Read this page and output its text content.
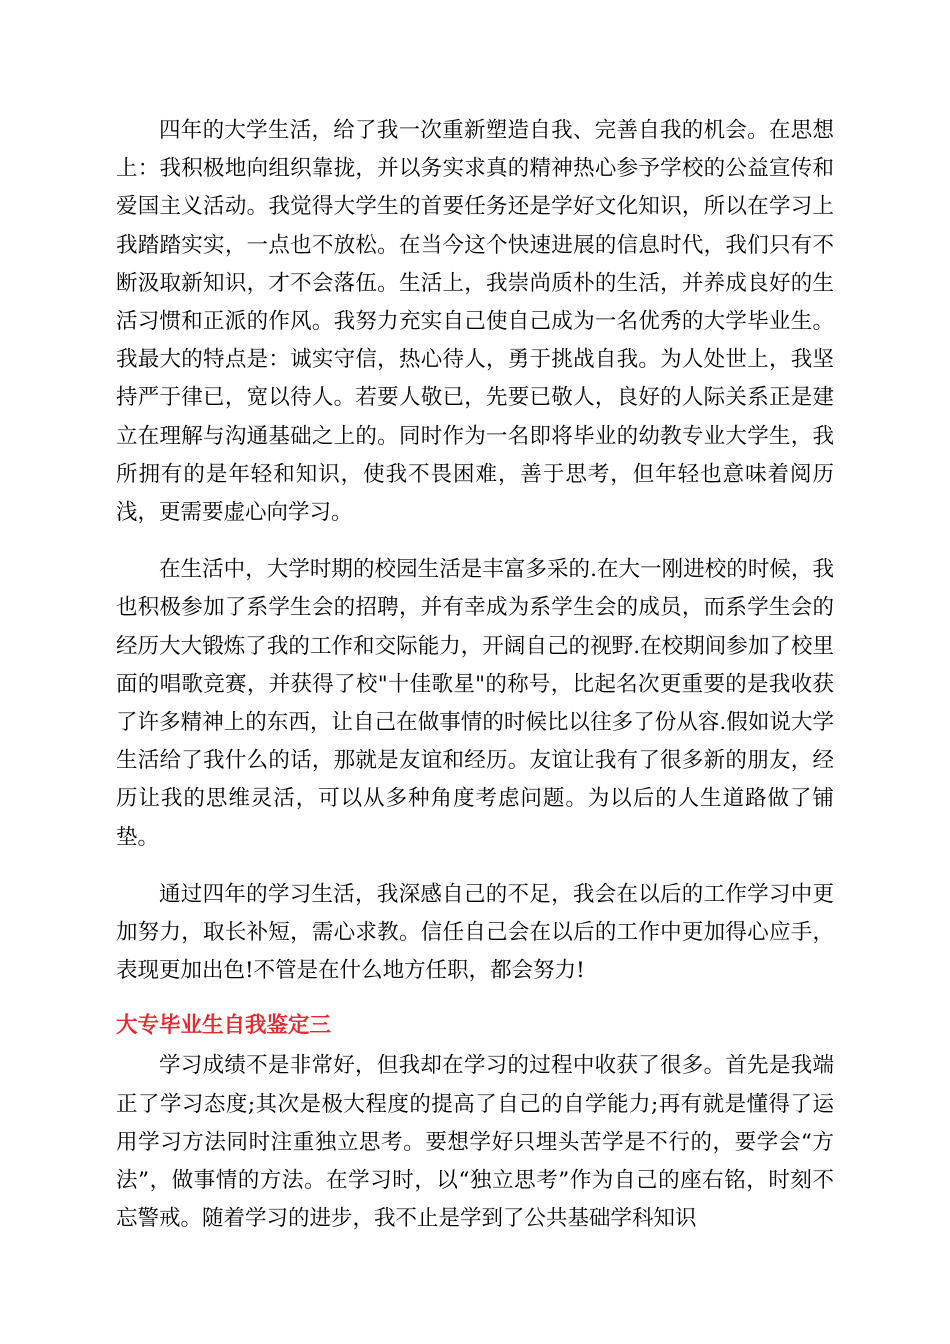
四年的大学生活，给了我一次重新塑造自我、完善自我的机会。在思想上：我积极地向组织靠拢，并以务实求真的精神热心参予学校的公益宣传和爱国主义活动。我觉得大学生的首要任务还是学好文化知识，所以在学习上我踏踏实实，一点也不放松。在当今这个快速进展的信息时代，我们只有不断汲取新知识，才不会落伍。生活上，我崇尚质朴的生活，并养成良好的生活习惯和正派的作风。我努力充实自己使自己成为一名优秀的大学毕业生。我最大的特点是：诚实守信，热心待人，勇于挑战自我。为人处世上，我坚持严于律已，宽以待人。若要人敬已，先要已敬人，良好的人际关系正是建立在理解与沟通基础之上的。同时作为一名即将毕业的幼教专业大学生，我所拥有的是年轻和知识，使我不畏困难，善于思考，但年轻也意味着阅历浅，更需要虚心向学习。

在生活中，大学时期的校园生活是丰富多采的.在大一刚进校的时候，我也积极参加了系学生会的招聘，并有幸成为系学生会的成员，而系学生会的经历大大锻炼了我的工作和交际能力，开阔自己的视野.在校期间参加了校里面的唱歌竞赛，并获得了校"十佳歌星"的称号，比起名次更重要的是我收获了许多精神上的东西，让自己在做事情的时候比以往多了份从容.假如说大学生活给了我什么的话，那就是友谊和经历。友谊让我有了很多新的朋友，经历让我的思维灵活，可以从多种角度考虑问题。为以后的人生道路做了铺垫。

通过四年的学习生活，我深感自己的不足，我会在以后的工作学习中更加努力，取长补短，需心求教。信任自己会在以后的工作中更加得心应手，表现更加出色!不管是在什么地方任职，都会努力!

大专毕业生自我鉴定三

学习成绩不是非常好，但我却在学习的过程中收获了很多。首先是我端正了学习态度;其次是极大程度的提高了自己的自学能力;再有就是懂得了运用学习方法同时注重独立思考。要想学好只埋头苦学是不行的，要学会“方法”，做事情的方法。在学习时，以“独立思考”作为自己的座右铭，时刻不忘警戒。随着学习的进步，我不止是学到了公共基础学科知识
